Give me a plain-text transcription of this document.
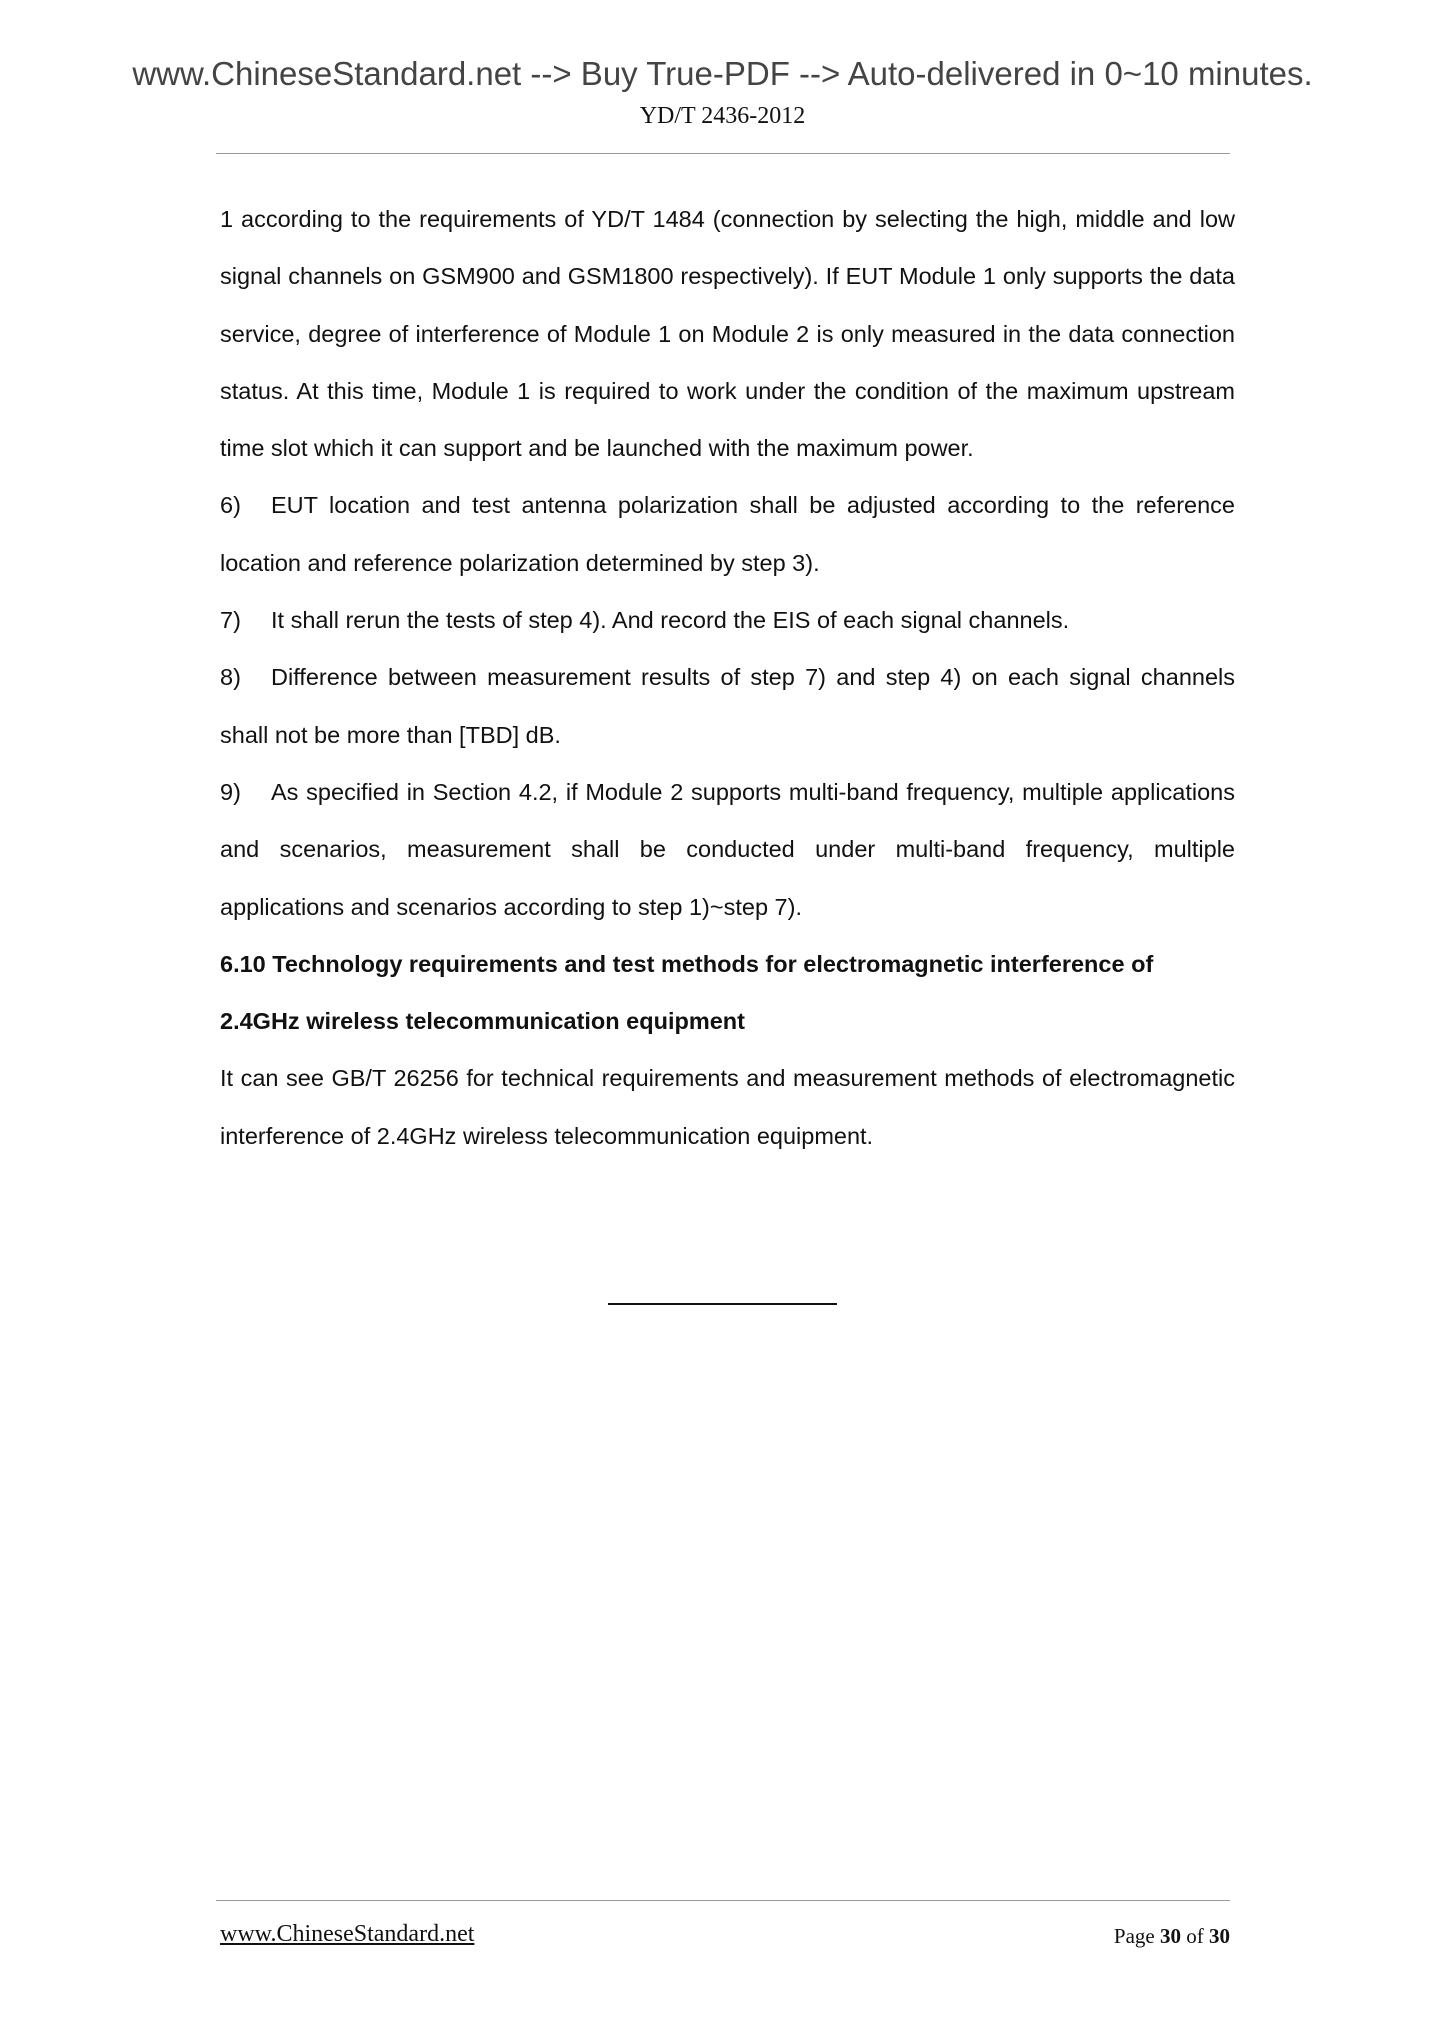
www.ChineseStandard.net --> Buy True-PDF --> Auto-delivered in 0~10 minutes.
YD/T 2436-2012

1 according to the requirements of YD/T 1484 (connection by selecting the high, middle and low signal channels on GSM900 and GSM1800 respectively). If EUT Module 1 only supports the data service, degree of interference of Module 1 on Module 2 is only measured in the data connection status. At this time, Module 1 is required to work under the condition of the maximum upstream time slot which it can support and be launched with the maximum power.

6) EUT location and test antenna polarization shall be adjusted according to the reference location and reference polarization determined by step 3).

7) It shall rerun the tests of step 4). And record the EIS of each signal channels.

8) Difference between measurement results of step 7) and step 4) on each signal channels shall not be more than [TBD] dB.

9) As specified in Section 4.2, if Module 2 supports multi-band frequency, multiple applications and scenarios, measurement shall be conducted under multi-band frequency, multiple applications and scenarios according to step 1)~step 7).

6.10 Technology requirements and test methods for electromagnetic interference of 2.4GHz wireless telecommunication equipment

It can see GB/T 26256 for technical requirements and measurement methods of electromagnetic interference of 2.4GHz wireless telecommunication equipment.

www.ChineseStandard.net	Page 30 of 30
